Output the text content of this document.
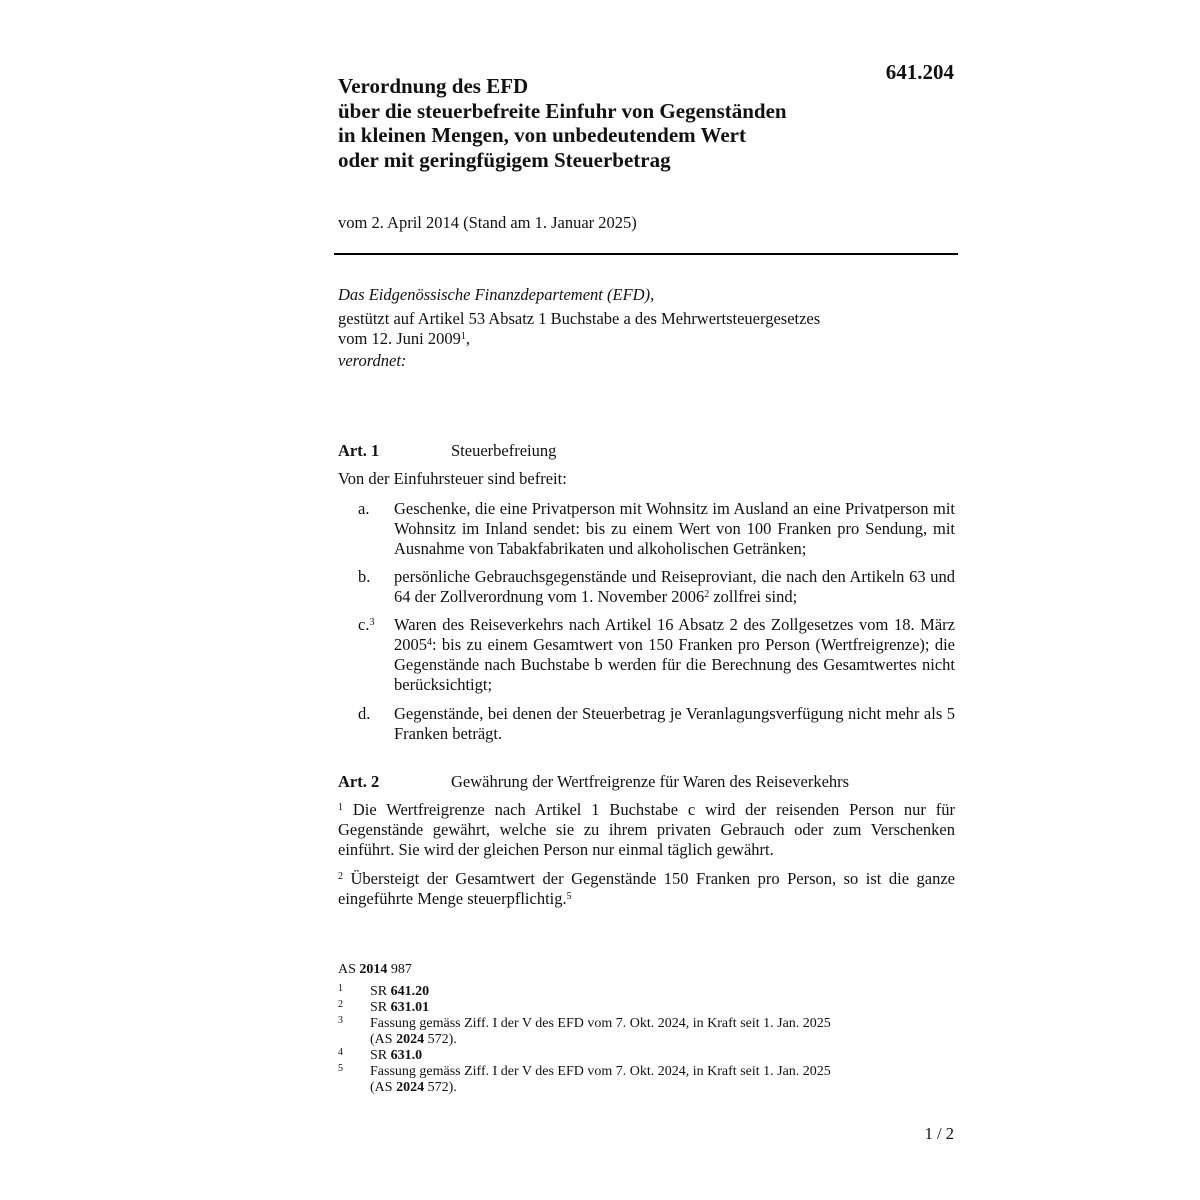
641.204
Verordnung des EFD
über die steuerbefreite Einfuhr von Gegenständen
in kleinen Mengen, von unbedeutendem Wert
oder mit geringfügigem Steuerbetrag
vom 2. April 2014 (Stand am 1. Januar 2025)
Das Eidgenössische Finanzdepartement (EFD),
gestützt auf Artikel 53 Absatz 1 Buchstabe a des Mehrwertsteuergesetzes
vom 12. Juni 2009$^1$,
verordnet:
Art. 1	Steuerbefreiung
Von der Einfuhrsteuer sind befreit:
a. Geschenke, die eine Privatperson mit Wohnsitz im Ausland an eine Privatperson mit Wohnsitz im Inland sendet: bis zu einem Wert von 100 Franken pro Sendung, mit Ausnahme von Tabakfabrikaten und alkoholischen Getränken;
b. persönliche Gebrauchsgegenstände und Reiseproviant, die nach den Artikeln 63 und 64 der Zollverordnung vom 1. November 2006$^2$ zollfrei sind;
c.$^3$ Waren des Reiseverkehrs nach Artikel 16 Absatz 2 des Zollgesetzes vom 18. März 2005$^4$: bis zu einem Gesamtwert von 150 Franken pro Person (Wertfreigrenze); die Gegenstände nach Buchstabe b werden für die Berechnung des Gesamtwertes nicht berücksichtigt;
d. Gegenstände, bei denen der Steuerbetrag je Veranlagungsverfügung nicht mehr als 5 Franken beträgt.
Art. 2	Gewährung der Wertfreigrenze für Waren des Reiseverkehrs
$^1$ Die Wertfreigrenze nach Artikel 1 Buchstabe c wird der reisenden Person nur für Gegenstände gewährt, welche sie zu ihrem privaten Gebrauch oder zum Verschenken einführt. Sie wird der gleichen Person nur einmal täglich gewährt.
$^2$ Übersteigt der Gesamtwert der Gegenstände 150 Franken pro Person, so ist die ganze eingeführte Menge steuerpflichtig.$^5$
AS 2014 987
1 SR 641.20
2 SR 631.01
3 Fassung gemäss Ziff. I der V des EFD vom 7. Okt. 2024, in Kraft seit 1. Jan. 2025
(AS 2024 572).
4 SR 631.0
5 Fassung gemäss Ziff. I der V des EFD vom 7. Okt. 2024, in Kraft seit 1. Jan. 2025
(AS 2024 572).
1 / 2
